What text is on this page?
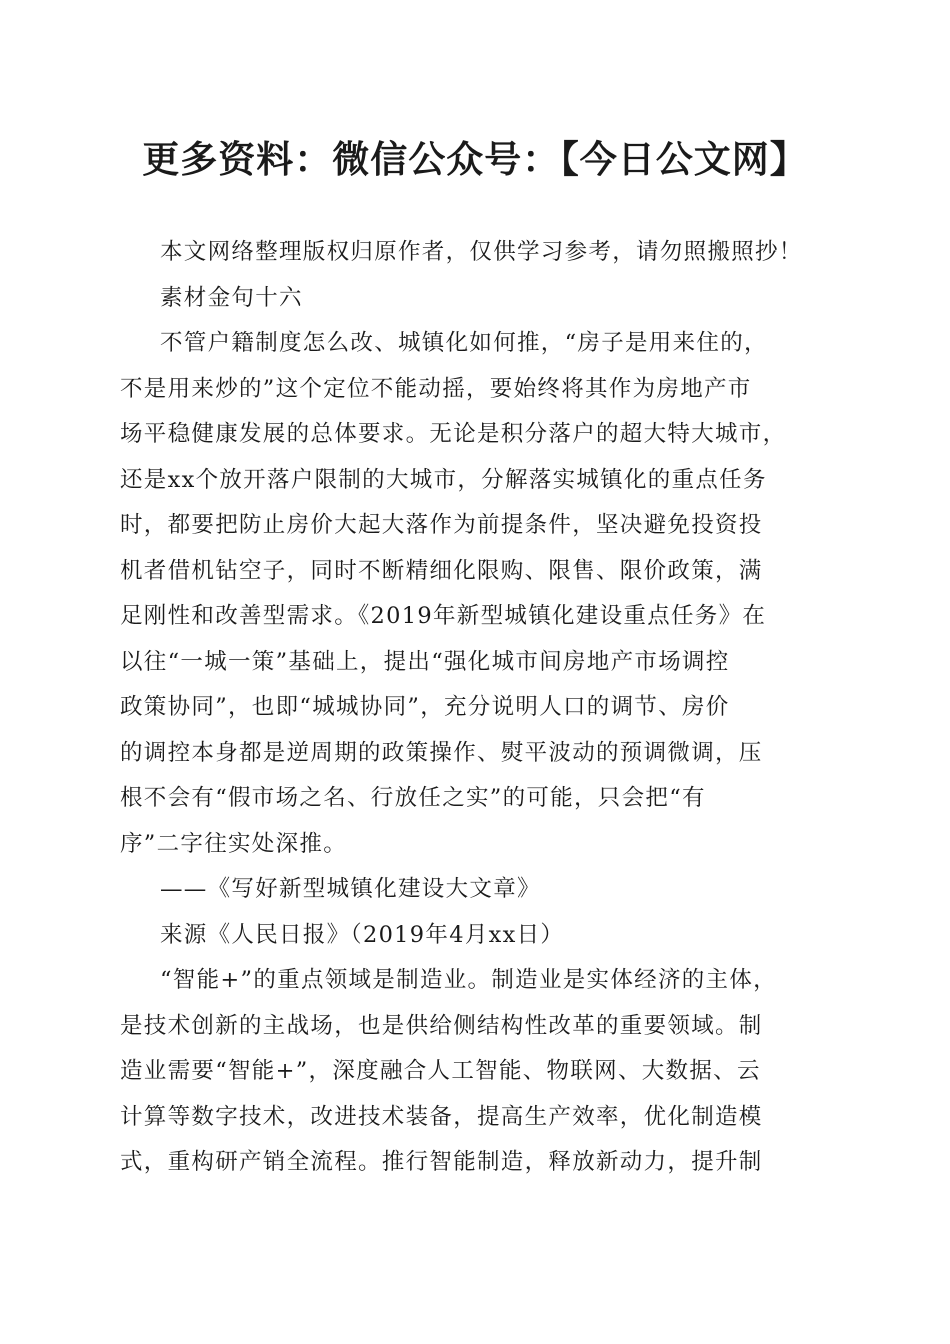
更多资料：微信公众号：【今日公文网】

本文网络整理版权归原作者，仅供学习参考，请勿照搬照抄！

素材金句十六

不管户籍制度怎么改、城镇化如何推，“房子是用来住的，

不是用来炒的”这个定位不能动摇，要始终将其作为房地产市

场平稳健康发展的总体要求。无论是积分落户的超大特大城市，

还是xx个放开落户限制的大城市，分解落实城镇化的重点任务

时，都要把防止房价大起大落作为前提条件，坚决避免投资投

机者借机钻空子，同时不断精细化限购、限售、限价政策，满

足刚性和改善型需求。《2019年新型城镇化建设重点任务》在

以往“一城一策”基础上，提出“强化城市间房地产市场调控

政策协同”，也即“城城协同”，充分说明人口的调节、房价

的调控本身都是逆周期的政策操作、熨平波动的预调微调，压

根不会有“假市场之名、行放任之实”的可能，只会把“有

序”二字往实处深推。

——《写好新型城镇化建设大文章》

来源《人民日报》（2019年4月xx日）

“智能+”的重点领域是制造业。制造业是实体经济的主体，

是技术创新的主战场，也是供给侧结构性改革的重要领域。制

造业需要“智能+”，深度融合人工智能、物联网、大数据、云

计算等数字技术，改进技术装备，提高生产效率，优化制造模

式，重构研产销全流程。推行智能制造，释放新动力，提升制
